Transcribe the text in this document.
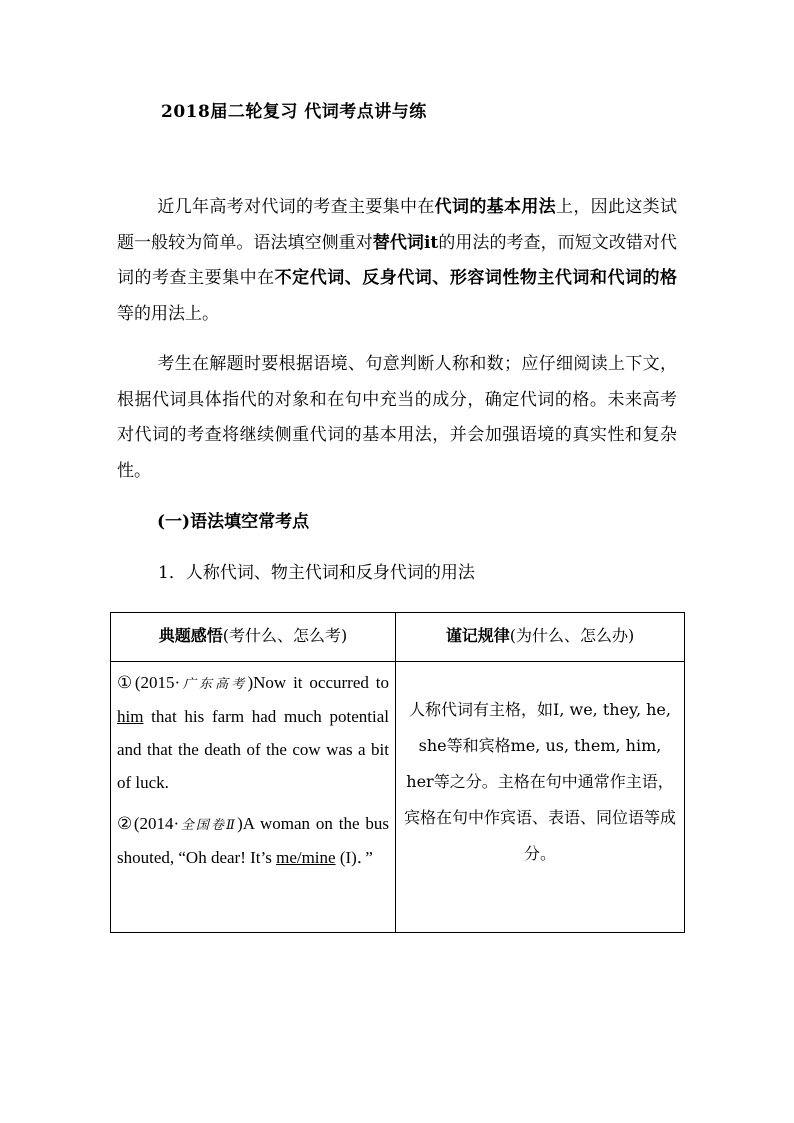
2018届二轮复习 代词考点讲与练
近几年高考对代词的考查主要集中在代词的基本用法上，因此这类试题一般较为简单。语法填空侧重对替代词it的用法的考查，而短文改错对代词的考查主要集中在不定代词、反身代词、形容词性物主代词和代词的格等的用法上。
考生在解题时要根据语境、句意判断人称和数；应仔细阅读上下文，根据代词具体指代的对象和在句中充当的成分，确定代词的格。未来高考对代词的考查将继续侧重代词的基本用法，并会加强语境的真实性和复杂性。
(一)语法填空常考点
1．人称代词、物主代词和反身代词的用法
典题感悟(考什么、怎么考)	谨记规律(为什么、怎么办)

①(2015·广东高考)Now it occurred to him that his farm had much potential and that the death of the cow was a bit of luck.
②(2014·全国卷Ⅱ)A woman on the bus shouted, “Oh dear! It’s me/mine (I)．”	人称代词有主格，如I, we, they, he, she等和宾格me, us, them, him, her等之分。主格在句中通常作主语，宾格在句中作宾语、表语、同位语等成分。
